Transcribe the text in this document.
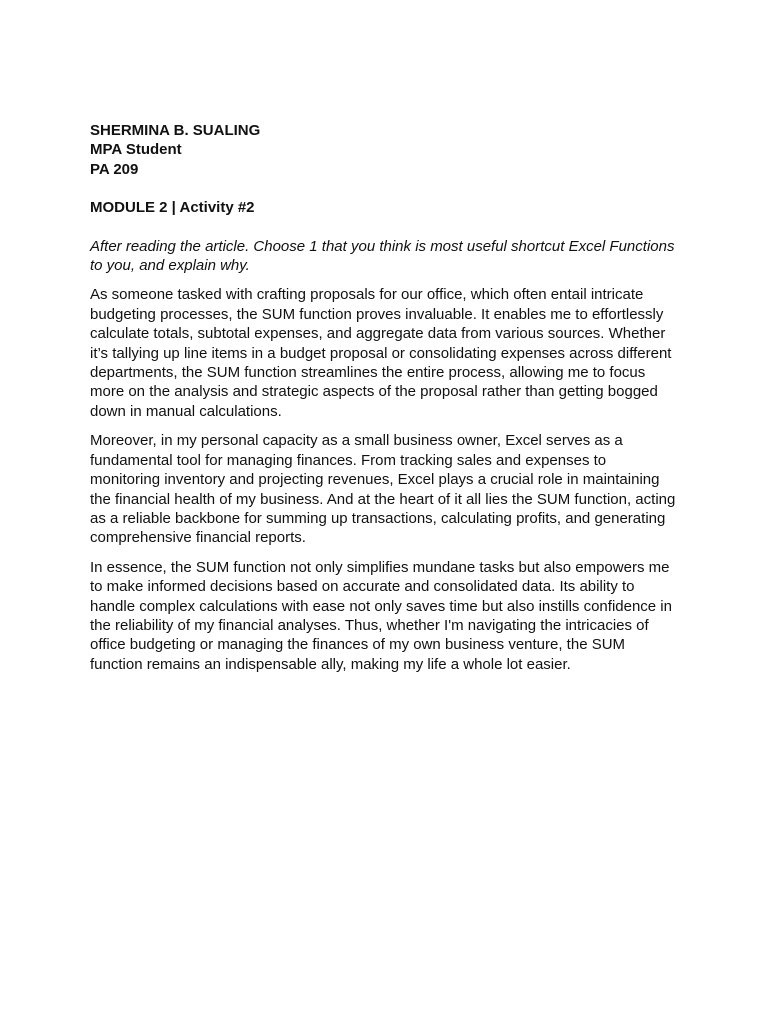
SHERMINA B. SUALING
MPA Student
PA 209
MODULE 2 | Activity #2
After reading the article. Choose 1 that you think is most useful shortcut Excel Functions to you, and explain why.

As someone tasked with crafting proposals for our office, which often entail intricate budgeting processes, the SUM function proves invaluable. It enables me to effortlessly calculate totals, subtotal expenses, and aggregate data from various sources. Whether it’s tallying up line items in a budget proposal or consolidating expenses across different departments, the SUM function streamlines the entire process, allowing me to focus more on the analysis and strategic aspects of the proposal rather than getting bogged down in manual calculations.

Moreover, in my personal capacity as a small business owner, Excel serves as a fundamental tool for managing finances. From tracking sales and expenses to monitoring inventory and projecting revenues, Excel plays a crucial role in maintaining the financial health of my business. And at the heart of it all lies the SUM function, acting as a reliable backbone for summing up transactions, calculating profits, and generating comprehensive financial reports.

In essence, the SUM function not only simplifies mundane tasks but also empowers me to make informed decisions based on accurate and consolidated data. Its ability to handle complex calculations with ease not only saves time but also instills confidence in the reliability of my financial analyses. Thus, whether I'm navigating the intricacies of office budgeting or managing the finances of my own business venture, the SUM function remains an indispensable ally, making my life a whole lot easier.
